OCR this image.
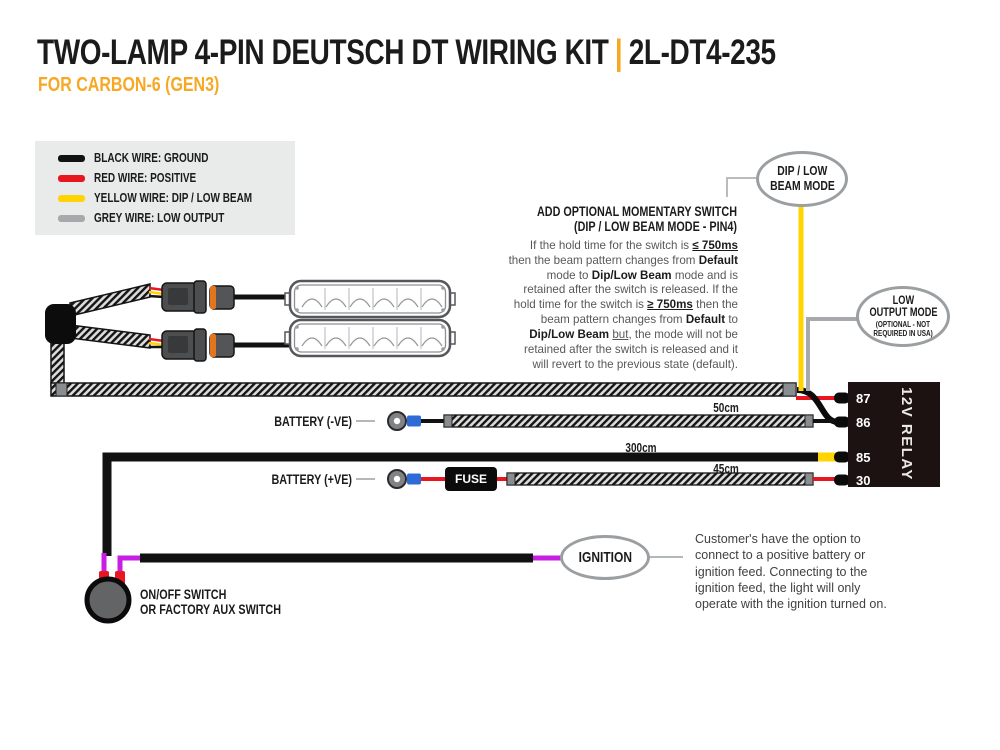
FUSE
87
86
85
30 12V RELAY
TWO-LAMP 4-PIN DEUTSCH DT WIRING KIT | 2L-DT4-235
FOR CARBON-6 (GEN3)
BLACK WIRE: GROUND
RED WIRE: POSITIVE
YELLOW WIRE: DIP / LOW BEAM
GREY WIRE: LOW OUTPUT	ADD OPTIONAL MOMENTARY SWITCH
(DIP / LOW BEAM MODE - PIN4)
If the hold time for the switch is ≤ 750ms then the beam pattern changes from Default mode to Dip/Low Beam mode and is retained after the switch is released. If the hold time for the switch is ≥ 750ms then the beam pattern changes from Default to Dip/Low Beam but, the mode will not be retained after the switch is released and it will revert to the previous state (default).
DIP / LOW
BEAM MODE
LOW
OUTPUT MODE
(OPTIONAL - NOT
REQUIRED IN USA)
IGNITION
BATTERY (-VE)
BATTERY (+VE)
50cm
300cm
45cm
ON/OFF SWITCH
OR FACTORY AUX SWITCH
Customer's have the option to connect to a positive battery or ignition feed. Connecting to the ignition feed, the light will only operate with the ignition turned on.
